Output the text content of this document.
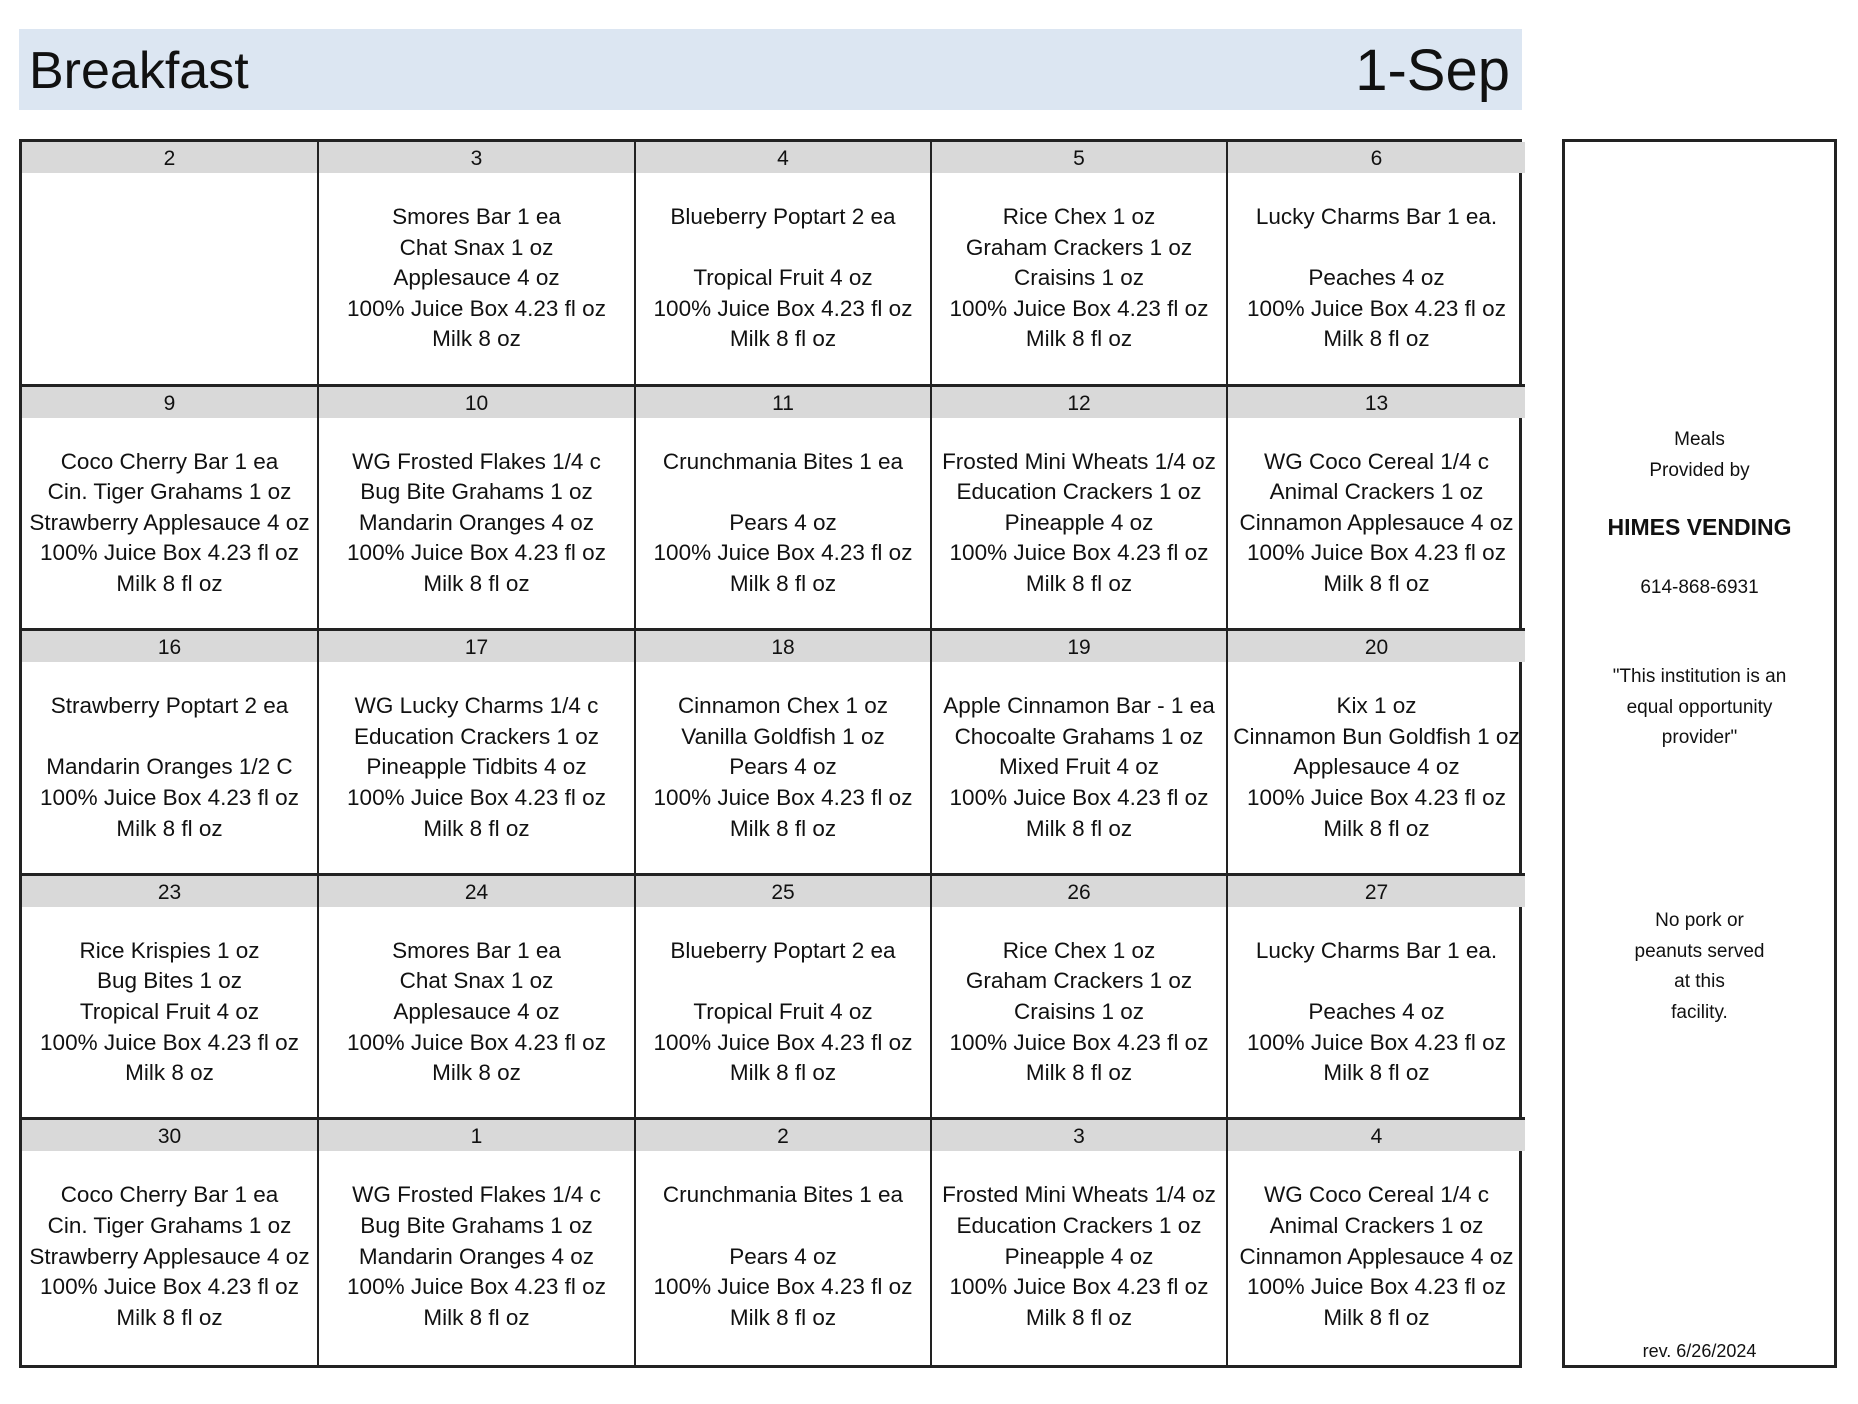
Breakfast	1-Sep
2	3
Smores Bar 1 ea
Chat Snax 1 oz
Applesauce 4 oz
100% Juice Box 4.23 fl oz
Milk 8 oz
4
Blueberry Poptart 2 ea
Tropical Fruit 4 oz
100% Juice Box 4.23 fl oz
Milk 8 fl oz
5
Rice Chex 1 oz
Graham Crackers 1 oz
Craisins 1 oz
100% Juice Box 4.23 fl oz
Milk 8 fl oz
6
Lucky Charms Bar 1 ea.
Peaches 4 oz
100% Juice Box 4.23 fl oz
Milk 8 fl oz
9
Coco Cherry Bar 1 ea
Cin. Tiger Grahams 1 oz
Strawberry Applesauce 4 oz
100% Juice Box 4.23 fl oz
Milk 8 fl oz
10
WG Frosted Flakes 1/4 c
Bug Bite Grahams 1 oz
Mandarin Oranges 4 oz
100% Juice Box 4.23 fl oz
Milk 8 fl oz
11
Crunchmania Bites 1 ea
Pears 4 oz
100% Juice Box 4.23 fl oz
Milk 8 fl oz
12
Frosted Mini Wheats 1/4 oz
Education Crackers 1 oz
Pineapple 4 oz
100% Juice Box 4.23 fl oz
Milk 8 fl oz
13
WG Coco Cereal 1/4 c
Animal Crackers 1 oz
Cinnamon Applesauce 4 oz
100% Juice Box 4.23 fl oz
Milk 8 fl oz
16
Strawberry Poptart 2 ea
Mandarin Oranges 1/2 C
100% Juice Box 4.23 fl oz
Milk 8 fl oz
17
WG Lucky Charms 1/4 c
Education Crackers 1 oz
Pineapple Tidbits 4 oz
100% Juice Box 4.23 fl oz
Milk 8 fl oz
18
Cinnamon Chex 1 oz
Vanilla Goldfish 1 oz
Pears 4 oz
100% Juice Box 4.23 fl oz
Milk 8 fl oz
19
Apple Cinnamon Bar - 1 ea
Chocoalte Grahams 1 oz
Mixed Fruit 4 oz
100% Juice Box 4.23 fl oz
Milk 8 fl oz
20
Kix 1 oz
Cinnamon Bun Goldfish 1 oz
Applesauce 4 oz
100% Juice Box 4.23 fl oz
Milk 8 fl oz
23
Rice Krispies 1 oz
Bug Bites 1 oz
Tropical Fruit 4 oz
100% Juice Box 4.23 fl oz
Milk 8 oz
24
Smores Bar 1 ea
Chat Snax 1 oz
Applesauce 4 oz
100% Juice Box 4.23 fl oz
Milk 8 oz
25
Blueberry Poptart 2 ea
Tropical Fruit 4 oz
100% Juice Box 4.23 fl oz
Milk 8 fl oz
26
Rice Chex 1 oz
Graham Crackers 1 oz
Craisins 1 oz
100% Juice Box 4.23 fl oz
Milk 8 fl oz
27
Lucky Charms Bar 1 ea.
Peaches 4 oz
100% Juice Box 4.23 fl oz
Milk 8 fl oz
30
Coco Cherry Bar 1 ea
Cin. Tiger Grahams 1 oz
Strawberry Applesauce 4 oz
100% Juice Box 4.23 fl oz
Milk 8 fl oz
1
WG Frosted Flakes 1/4 c
Bug Bite Grahams 1 oz
Mandarin Oranges 4 oz
100% Juice Box 4.23 fl oz
Milk 8 fl oz
2
Crunchmania Bites 1 ea
Pears 4 oz
100% Juice Box 4.23 fl oz
Milk 8 fl oz
3
Frosted Mini Wheats 1/4 oz
Education Crackers 1 oz
Pineapple 4 oz
100% Juice Box 4.23 fl oz
Milk 8 fl oz
4
WG Coco Cereal 1/4 c
Animal Crackers 1 oz
Cinnamon Applesauce 4 oz
100% Juice Box 4.23 fl oz
Milk 8 fl oz
Meals
Provided by
HIMES VENDING
614-868-6931
"This institution is an
equal opportunity
provider"
No pork or
peanuts served
at this
facility.
rev. 6/26/2024
